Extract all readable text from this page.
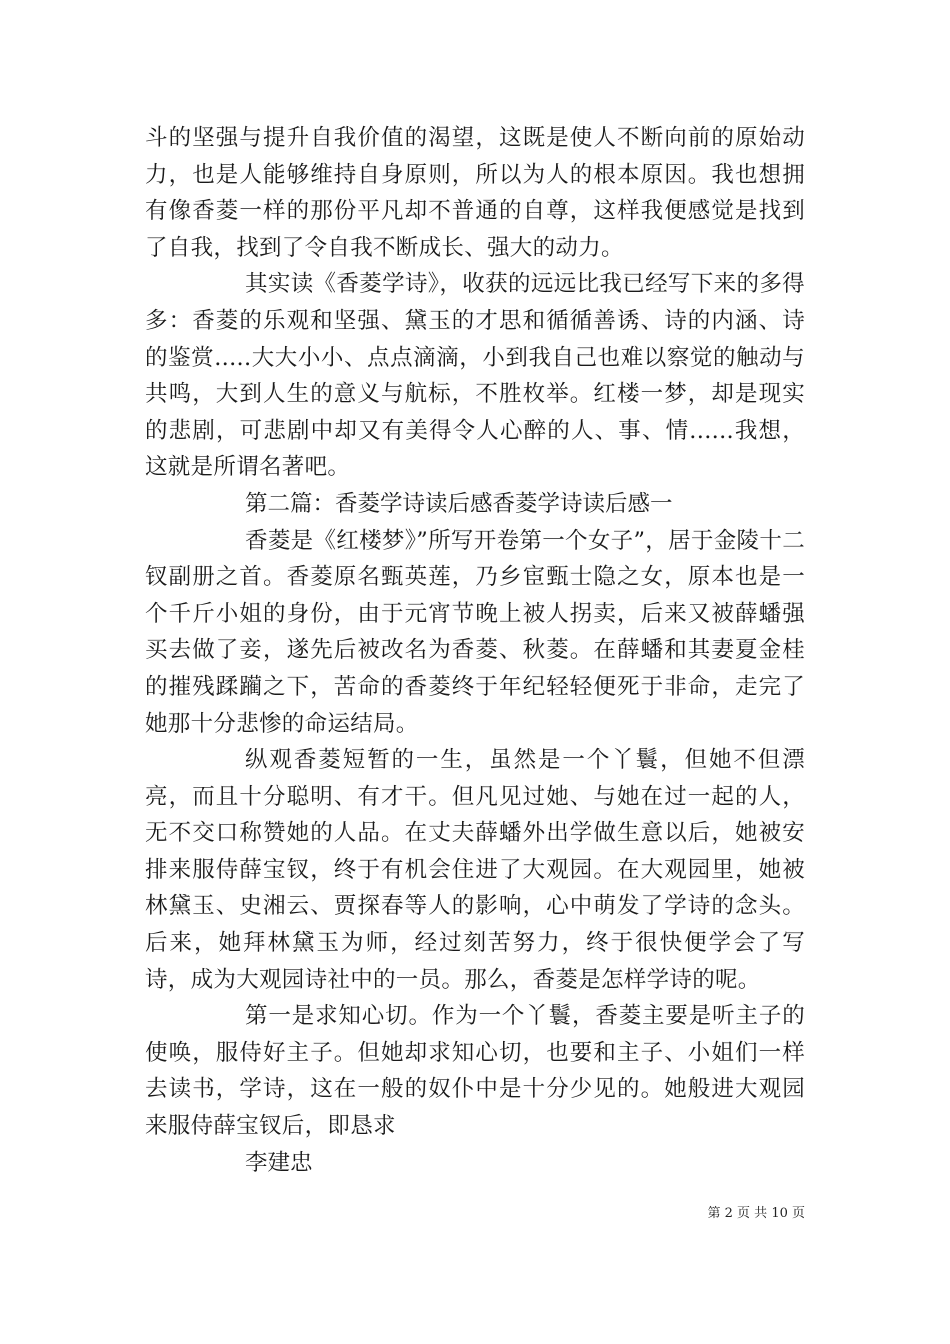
斗的坚强与提升自我价值的渴望，这既是使人不断向前的原始动力，也是人能够维持自身原则，所以为人的根本原因。我也想拥有像香菱一样的那份平凡却不普通的自尊，这样我便感觉是找到了自我，找到了令自我不断成长、强大的动力。

其实读《香菱学诗》，收获的远远比我已经写下来的多得多：香菱的乐观和坚强、黛玉的才思和循循善诱、诗的内涵、诗的鉴赏.....大大小小、点点滴滴，小到我自己也难以察觉的触动与共鸣，大到人生的意义与航标，不胜枚举。红楼一梦，却是现实的悲剧，可悲剧中却又有美得令人心醉的人、事、情......我想，这就是所谓名著吧。

第二篇：香菱学诗读后感香菱学诗读后感一

香菱是《红楼梦》”所写开卷第一个女子”，居于金陵十二钗副册之首。香菱原名甄英莲，乃乡宦甄士隐之女，原本也是一个千斤小姐的身份，由于元宵节晚上被人拐卖，后来又被薛蟠强买去做了妾，遂先后被改名为香菱、秋菱。在薛蟠和其妻夏金桂的摧残蹂躏之下，苦命的香菱终于年纪轻轻便死于非命，走完了她那十分悲惨的命运结局。

纵观香菱短暂的一生，虽然是一个丫鬟，但她不但漂亮，而且十分聪明、有才干。但凡见过她、与她在过一起的人，无不交口称赞她的人品。在丈夫薛蟠外出学做生意以后，她被安排来服侍薛宝钗，终于有机会住进了大观园。在大观园里，她被林黛玉、史湘云、贾探春等人的影响，心中萌发了学诗的念头。后来，她拜林黛玉为师，经过刻苦努力，终于很快便学会了写诗，成为大观园诗社中的一员。那么，香菱是怎样学诗的呢。

第一是求知心切。作为一个丫鬟，香菱主要是听主子的使唤，服侍好主子。但她却求知心切，也要和主子、小姐们一样去读书，学诗，这在一般的奴仆中是十分少见的。她般进大观园来服侍薛宝钗后，即恳求

李建忠

第 2 页 共 10 页
